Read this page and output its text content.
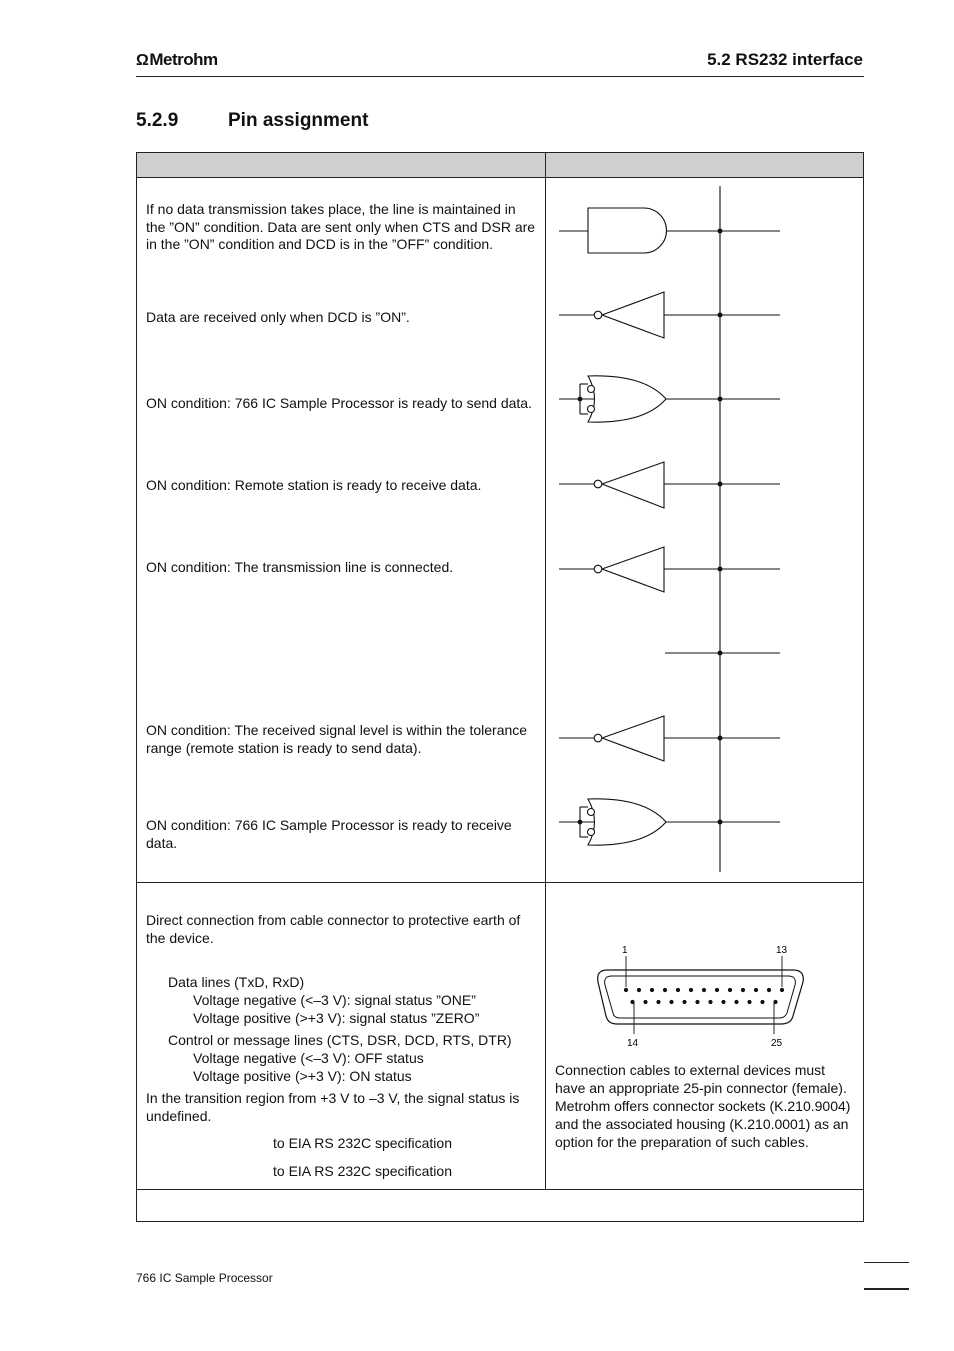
ΩMetrohm	5.2 RS232 interface
5.2.9	Pin assignment
If no data transmission takes place, the line is maintained in the ”ON” condition. Data are sent only when CTS and DSR are in the ”ON” condition and DCD is in the ”OFF” condition.
Data are received only when DCD is ”ON”.
ON condition: 766 IC Sample Processor is ready to send data.
ON condition: Remote station is ready to receive data.
ON condition: The transmission line is connected.
ON condition: The received signal level is within the tolerance range (remote station is ready to send data).
ON condition: 766 IC Sample Processor is ready to receive data.
Direct connection from cable connector to protective earth of the device.
Data lines (TxD, RxD)
Voltage negative (<–3 V): signal status ”ONE”
Voltage positive (>+3 V): signal status ”ZERO”
Control or message lines (CTS, DSR, DCD, RTS, DTR)
Voltage negative (<–3 V): OFF status
Voltage positive (>+3 V): ON status
In the transition region from +3 V to –3 V, the signal status is undefined.
to EIA RS 232C specification
to EIA RS 232C specification
1	13
14	25
Connection cables to external devices must have an appropriate 25-pin connector (female). Metrohm offers connector sockets (K.210.9004) and the associated housing (K.210.0001) as an option for the preparation of such cables.
766 IC Sample Processor
